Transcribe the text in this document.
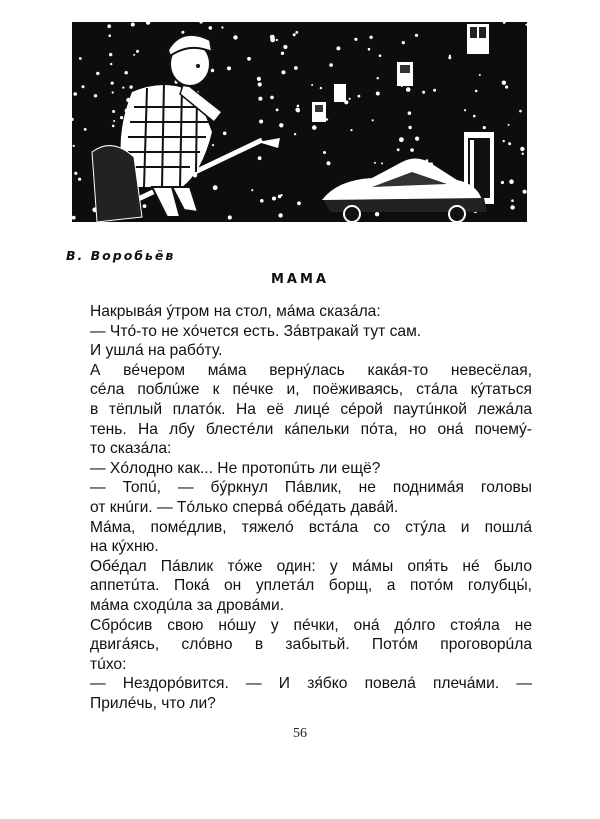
В. Воробьёв
МАМА
Накрывáя ýтром на стол, мáма сказáла:
— Чтó-то не хóчется есть. Зáвтракай тут сам.
И ушлá на рабóту.
А вéчером мáма вернýлась какáя-то невесёлая,
сéла поблúже к пéчке и, поёживаясь, стáла кýтаться
в тёплый платóк. На её лицé сéрой паутúнкой лежáла
тень. На лбу блестéли кáпельки пóта, но онá почемý-
то сказáла:
— Хóлодно как... Не протопúть ли ещё?
— Топú, — бýркнул Пáвлик, не поднимáя головы
от кнúги. — Тóлько спервá обéдать давáй.
Мáма, помéдлив, тяжелó встáла со стýла и пошлá
на кýхню.
Обéдал Пáвлик тóже один: у мáмы опя́ть нé было
аппетúта. Покá он уплетáл борщ, а потóм голубцы́,
мáма сходúла за дровáми.
Сбрóсив свою нóшу у пéчки, онá дóлго стоя́ла не
двигáясь, слóвно в забытьй. Потóм проговорúла
тúхо:
— Нездорóвится. — И зя́бко повелá плечáми. —
Прилéчь, что ли?
56
